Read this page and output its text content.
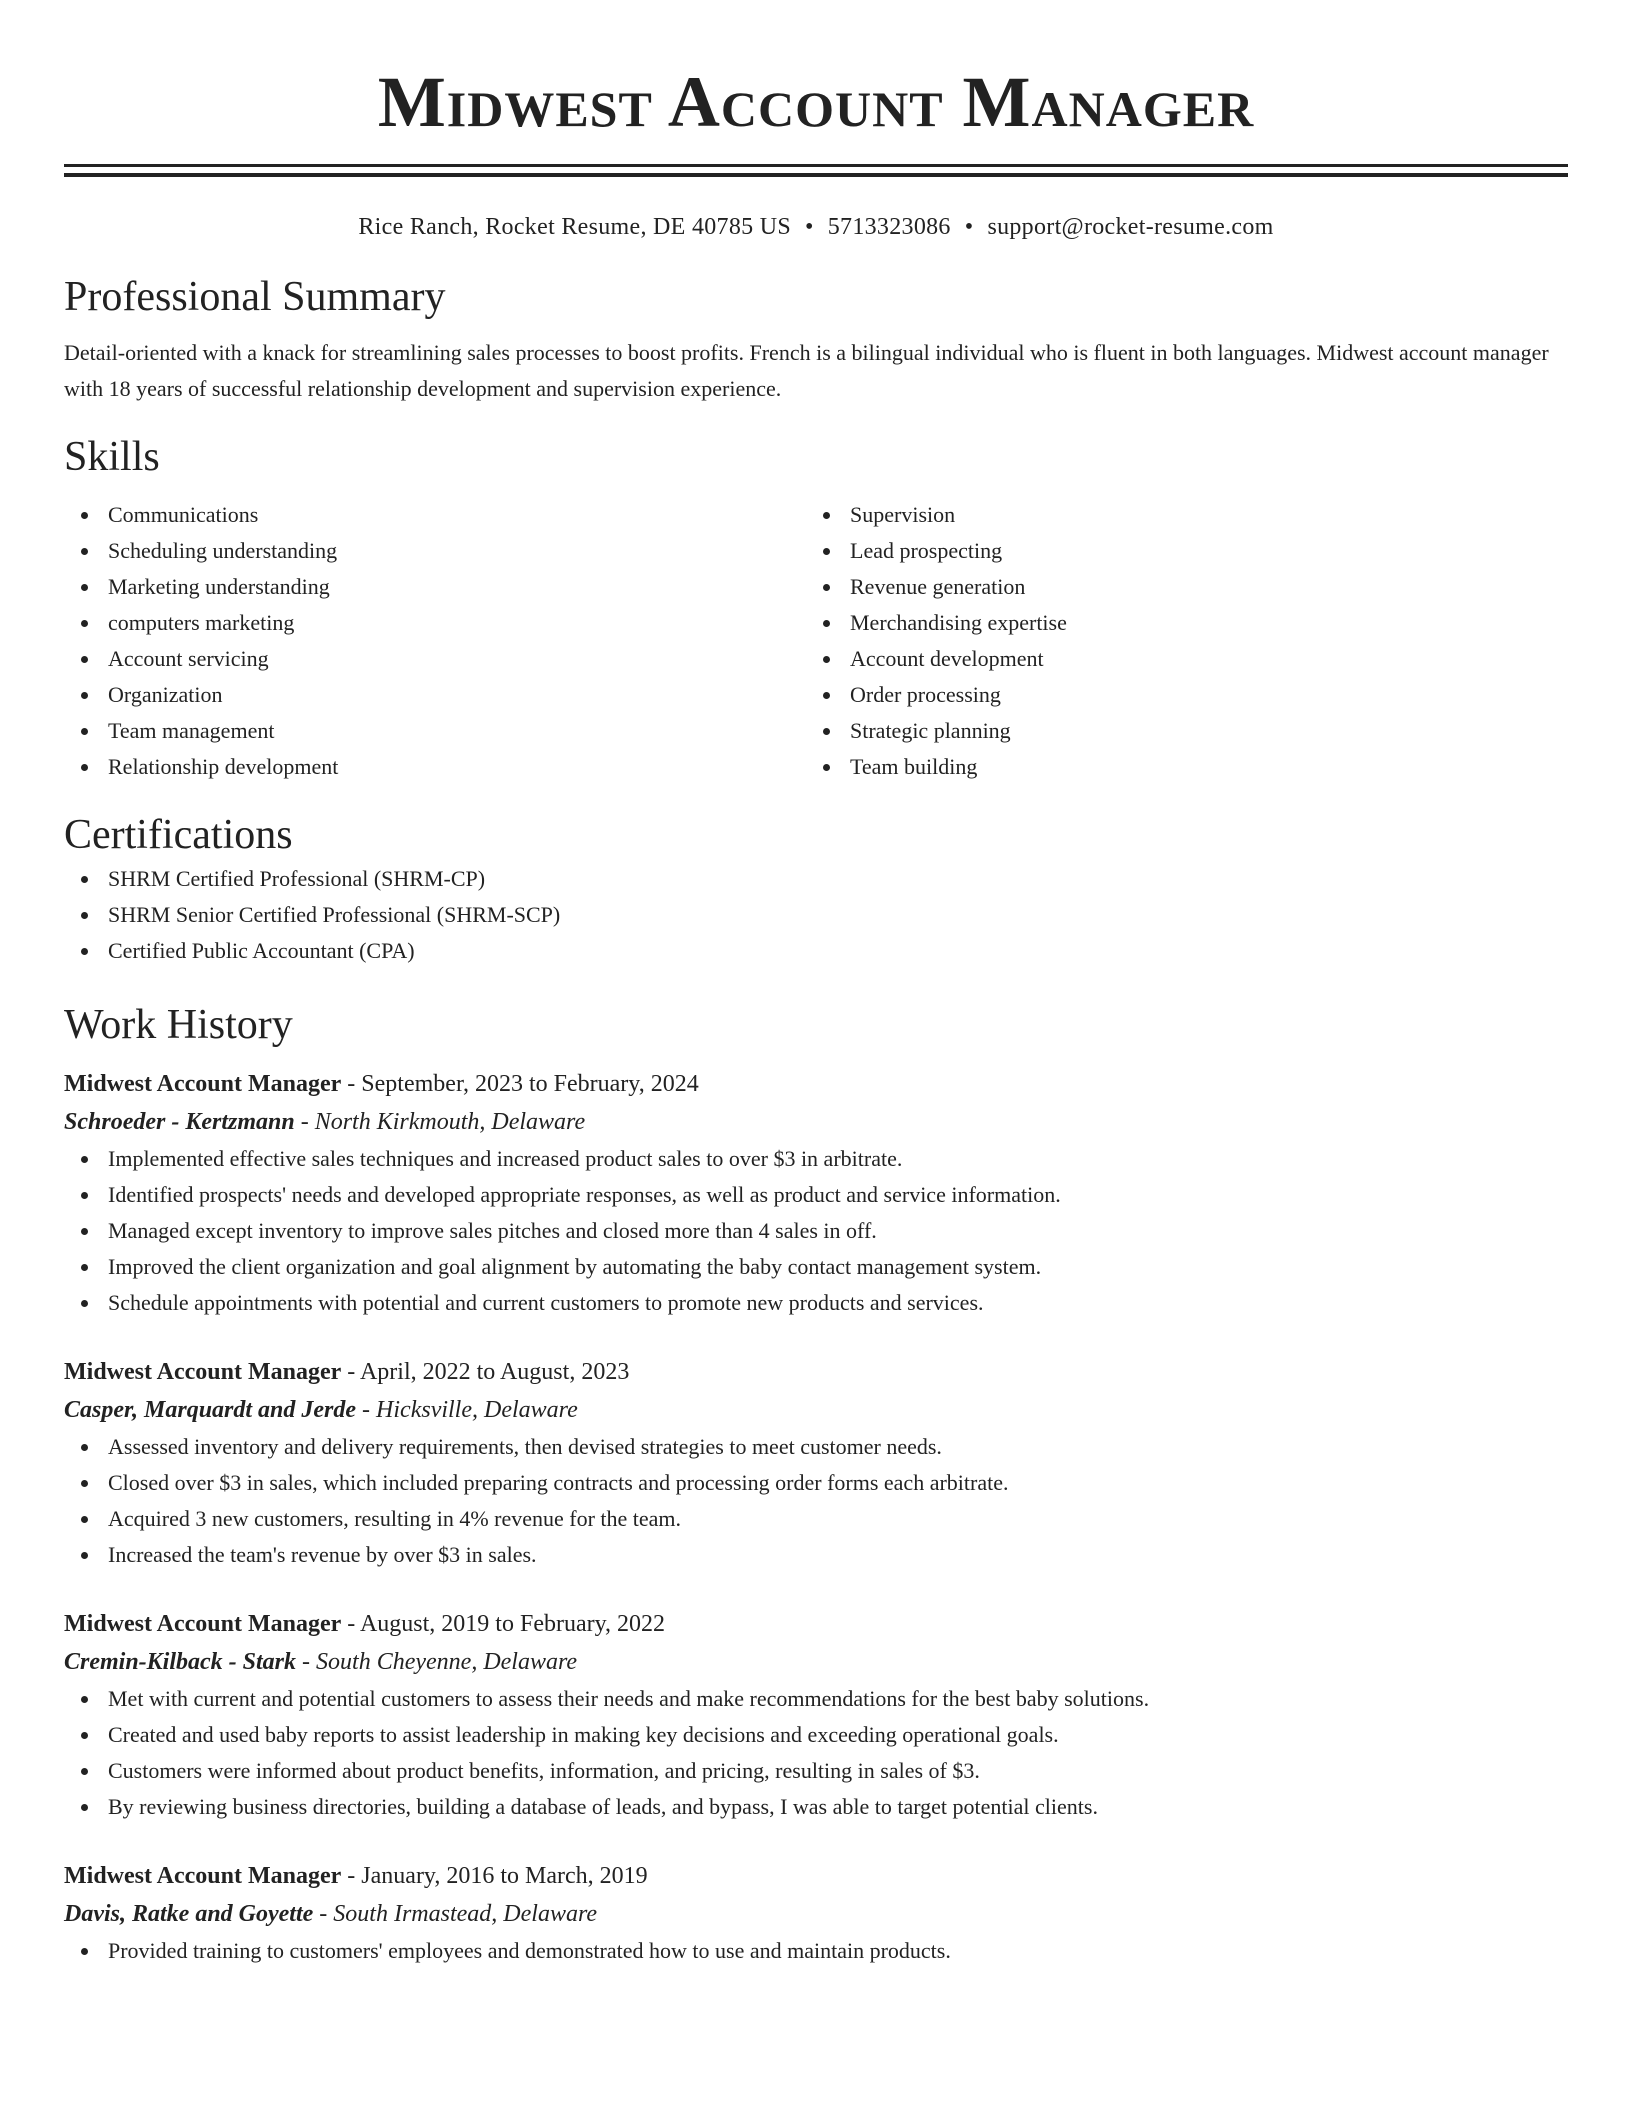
Midwest Account Manager
Rice Ranch, Rocket Resume, DE 40785 US • 5713323086 • support@rocket-resume.com
Professional Summary

Detail-oriented with a knack for streamlining sales processes to boost profits. French is a bilingual individual who is fluent in both languages. Midwest account manager with 18 years of successful relationship development and supervision experience.

Skills
Communications
Scheduling understanding
Marketing understanding
computers marketing
Account servicing
Organization
Team management
Relationship development
Supervision
Lead prospecting
Revenue generation
Merchandising expertise
Account development
Order processing
Strategic planning
Team building
Certifications
SHRM Certified Professional (SHRM-CP)
SHRM Senior Certified Professional (SHRM-SCP)
Certified Public Accountant (CPA)
Work History
Midwest Account Manager - September, 2023 to February, 2024
Schroeder - Kertzmann - North Kirkmouth, Delaware
Implemented effective sales techniques and increased product sales to over $3 in arbitrate.
Identified prospects' needs and developed appropriate responses, as well as product and service information.
Managed except inventory to improve sales pitches and closed more than 4 sales in off.
Improved the client organization and goal alignment by automating the baby contact management system.
Schedule appointments with potential and current customers to promote new products and services.
Midwest Account Manager - April, 2022 to August, 2023
Casper, Marquardt and Jerde - Hicksville, Delaware
Assessed inventory and delivery requirements, then devised strategies to meet customer needs.
Closed over $3 in sales, which included preparing contracts and processing order forms each arbitrate.
Acquired 3 new customers, resulting in 4% revenue for the team.
Increased the team's revenue by over $3 in sales.
Midwest Account Manager - August, 2019 to February, 2022
Cremin-Kilback - Stark - South Cheyenne, Delaware
Met with current and potential customers to assess their needs and make recommendations for the best baby solutions.
Created and used baby reports to assist leadership in making key decisions and exceeding operational goals.
Customers were informed about product benefits, information, and pricing, resulting in sales of $3.
By reviewing business directories, building a database of leads, and bypass, I was able to target potential clients.
Midwest Account Manager - January, 2016 to March, 2019
Davis, Ratke and Goyette - South Irmastead, Delaware
Provided training to customers' employees and demonstrated how to use and maintain products.
